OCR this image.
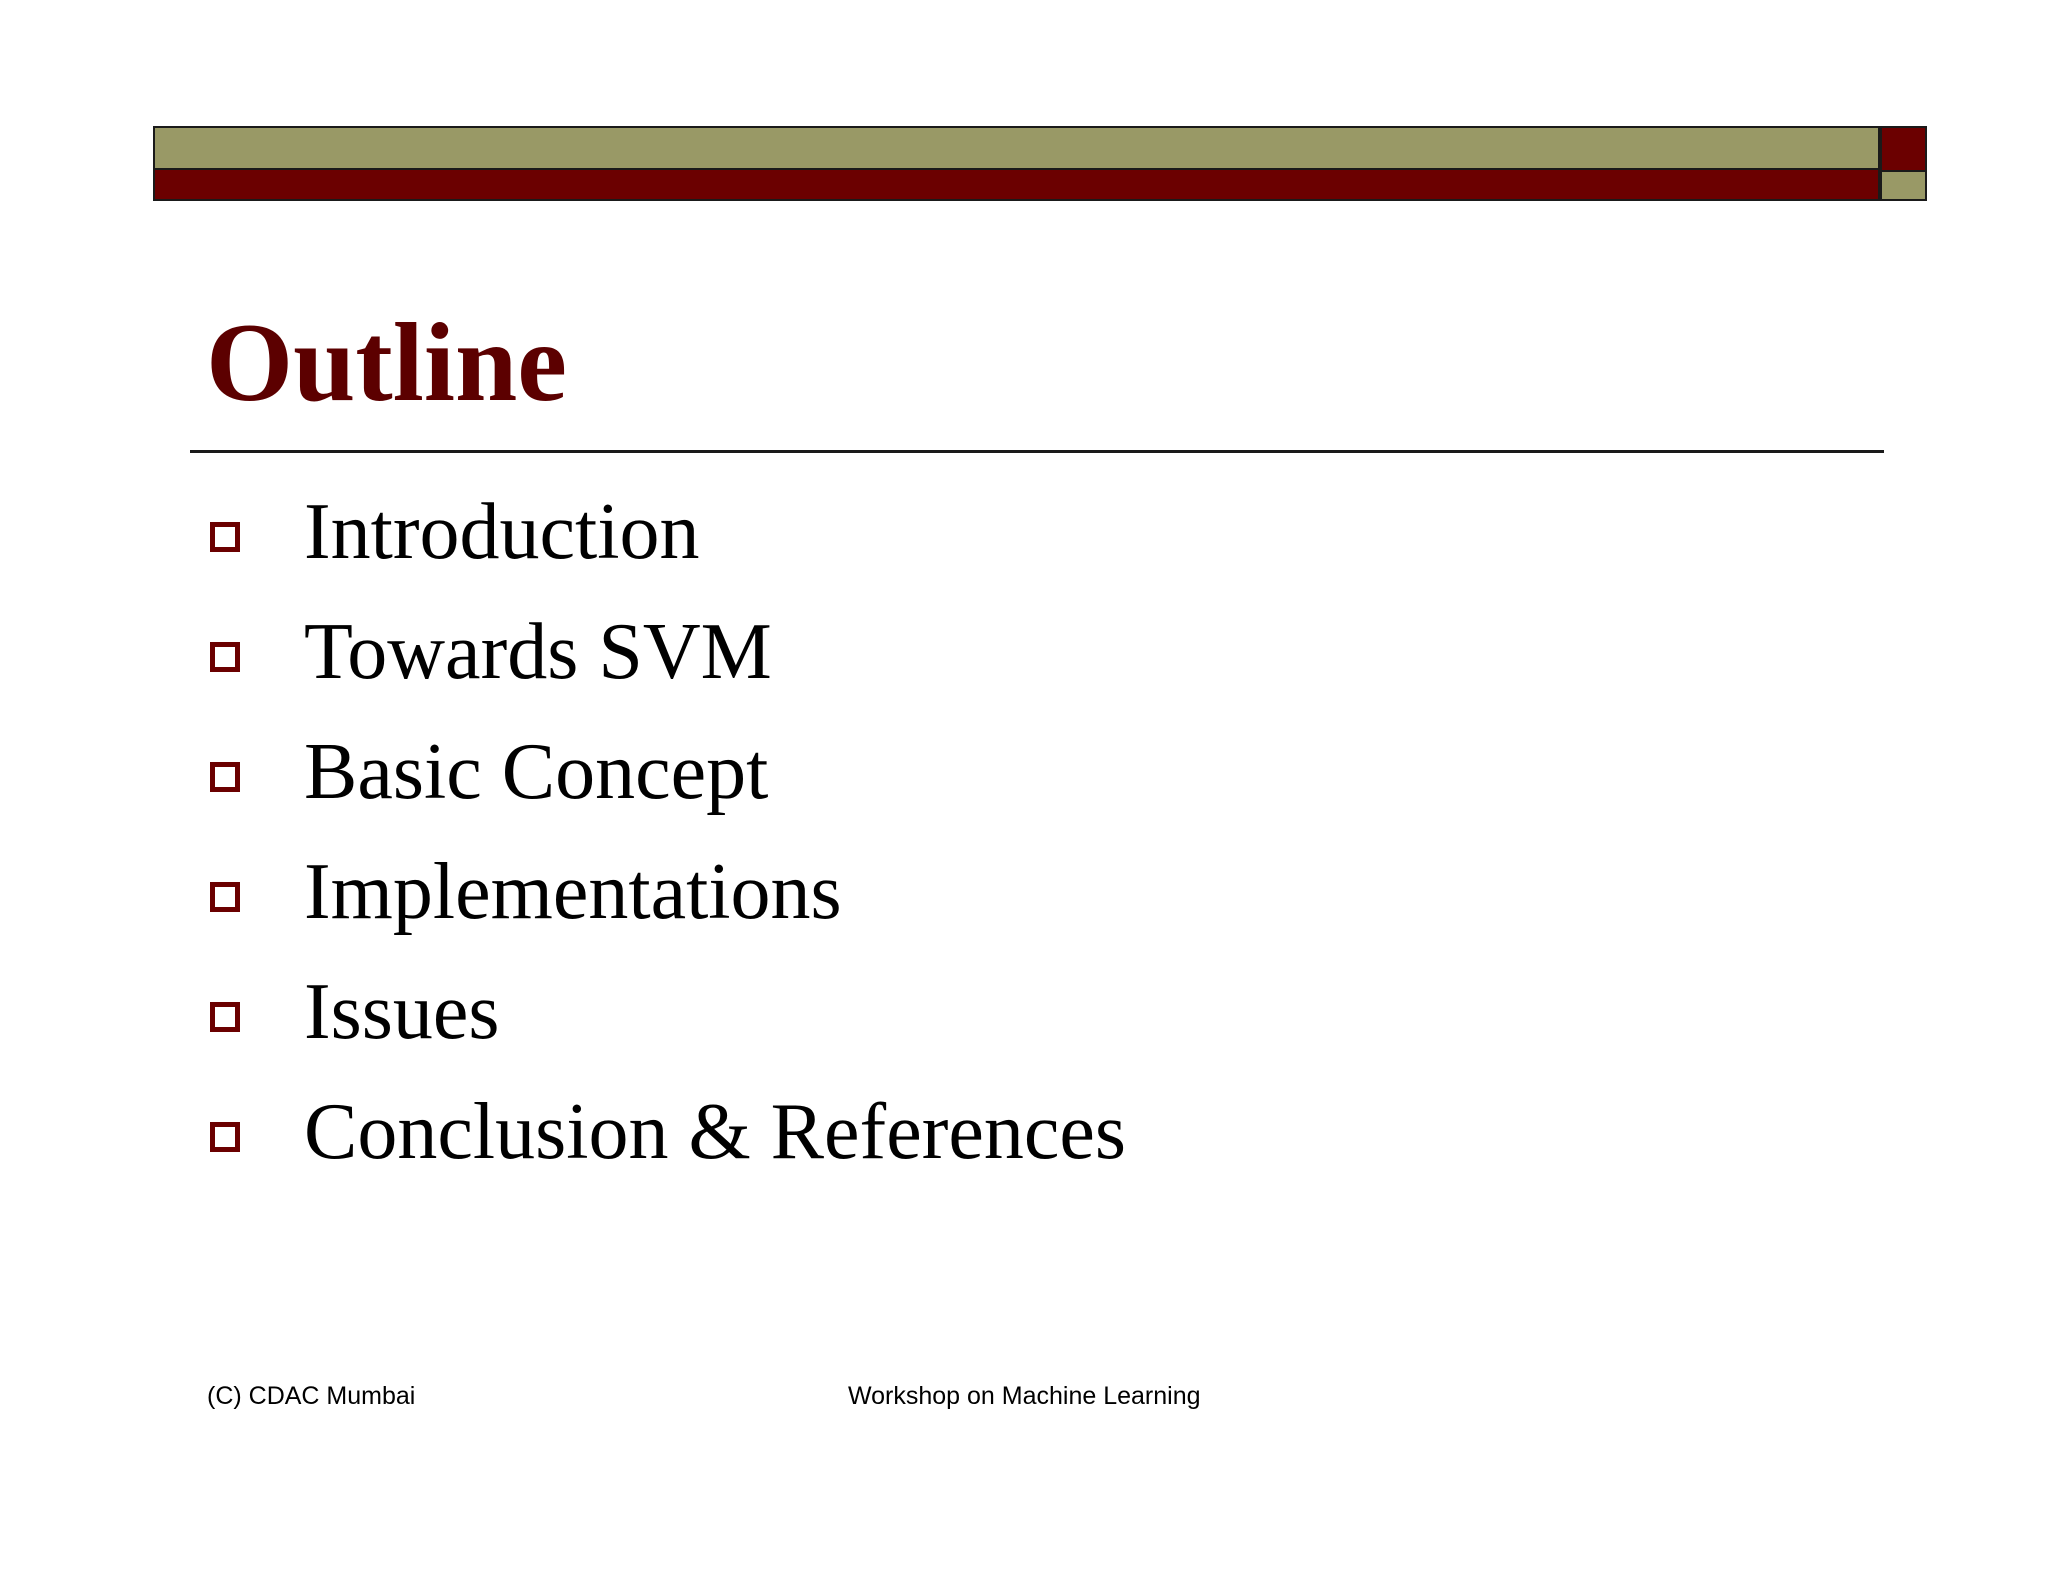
Outline
Introduction
Towards SVM
Basic Concept
Implementations
Issues
Conclusion & References
(C) CDAC Mumbai	Workshop on Machine Learning
